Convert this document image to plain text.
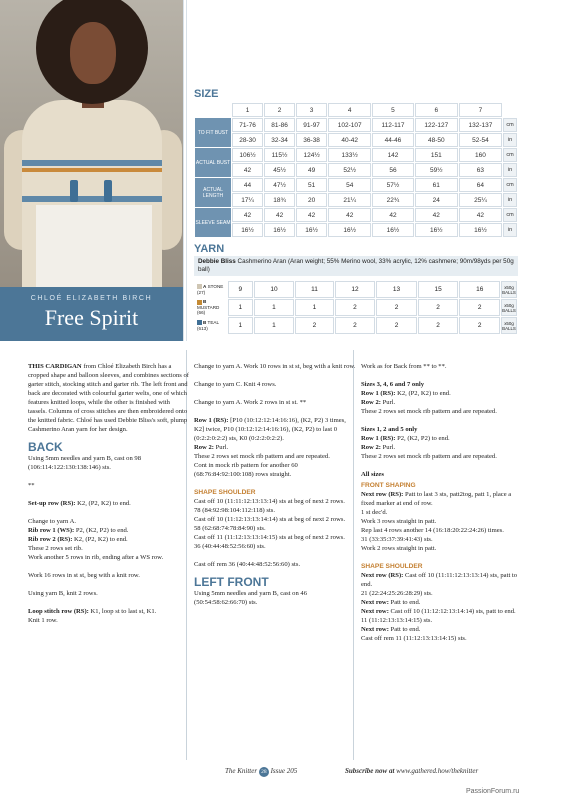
CHLOÉ ELIZABETH BIRCH
Free Spirit
SIZE
	1	2	3	4	5	6	7	
TO FIT BUST	71-76	81-86	91-97	102-107	112-117	122-127	132-137	cm
	28-30	32-34	36-38	40-42	44-46	48-50	52-54	in
ACTUAL BUST	106½	115½	124½	133½	142	151	160	cm
	42	45½	49	52½	56	59½	63	in
ACTUAL LENGTH	44	47½	51	54	57½	61	64	cm
	17¼	18¾	20	21¼	22¾	24	25¼	in
SLEEVE SEAM	42	42	42	42	42	42	42	cm
	16½	16½	16½	16½	16½	16½	16½	in
YARN
Debbie Bliss Cashmerino Aran (Aran weight; 55% Merino wool, 33% acrylic, 12% cashmere; 90m/98yds per 50g ball)
A STONE
(27)	9	10	11	12	13	15	16	x50g BALLS
B MUSTARD
(66)	1	1	1	2	2	2	2	x50g BALLS
B TEAL
(613)	1	1	2	2	2	2	2	x50g BALLS

THIS CARDIGAN from Chloé Elizabeth Birch has a cropped shape and balloon sleeves, and combines sections of garter stitch, stocking stitch and garter rib. The left front and back are decorated with colourful garter welts, one of which features knitted loops, while the other is finished with tassels. Columns of cross stitches are then embroidered onto the knitted fabric. Chloé has used Debbie Bliss's soft, plump Cashmerino Aran yarn for her design.

BACK

Using 5mm needles and yarn B, cast on 98 (106:114:122:130:138:146) sts.

**

Set-up row (RS): K2, (P2, K2) to end.

Change to yarn A.
Rib row 1 (WS): P2, (K2, P2) to end.
Rib row 2 (RS): K2, (P2, K2) to end.
These 2 rows set rib.

Work another 5 rows in rib, ending after a WS row.

Work 16 rows in st st, beg with a knit row.

Using yarn B, knit 2 rows.

Loop stitch row (RS): K1, loop st to last st, K1.
Knit 1 row.

Change to yarn A. Work 10 rows in st st, beg with a knit row.

Change to yarn C. Knit 4 rows.

Change to yarn A. Work 2 rows in st st. **

Row 1 (RS): [P10 (10:12:12:14:16:16), (K2, P2) 3 times, K2] twice, P10 (10:12:12:14:16:16), (K2, P2) to last 0 (0:2:2:0:2:2) sts, K0 (0:2:2:0:2:2).
Row 2: Purl.
These 2 rows set mock rib pattern and are repeated.

Cont in mock rib pattern for another 60 (68:76:84:92:100:108) rows straight.

SHAPE SHOULDER
Cast off 10 (11:11:12:13:13:14) sts at beg of next 2 rows.
78 (84:92:98:104:112:118) sts.
Cast off 10 (11:12:13:13:14:14) sts at beg of next 2 rows.
58 (62:68:74:78:84:90) sts.
Cast off 11 (11:12:13:13:14:15) sts at beg of next 2 rows.

36 (40:44:48:52:56:60) sts.

Cast off rem 36 (40:44:48:52:56:60) sts.

LEFT FRONT
Using 5mm needles and yarn B, cast on 46 (50:54:58:62:66:70) sts.

Work as for Back from ** to **.

Sizes 3, 4, 6 and 7 only
Row 1 (RS): K2, (P2, K2) to end.
Row 2: Purl.

These 2 rows set mock rib pattern and are repeated.

Sizes 1, 2 and 5 only
Row 1 (RS): P2, (K2, P2) to end.
Row 2: Purl.

These 2 rows set mock rib pattern and are repeated.

All sizes
FRONT SHAPING
Next row (RS): Patt to last 3 sts, patt2tog, patt 1, place a fixed marker at end of row.
1 st dec'd.
Work 3 rows straight in patt.
Rep last 4 rows another 14 (16:18:20:22:24:26) times.
31 (33:35:37:39:41:43) sts.

Work 2 rows straight in patt.

SHAPE SHOULDER
Next row (RS): Cast off 10 (11:11:12:13:13:14) sts, patt to end.
21 (22:24:25:26:28:29) sts.
Next row: Patt to end.
Next row: Cast off 10 (11:12:12:13:14:14) sts, patt to end.
11 (11:12:13:13:14:15) sts.
Next row: Patt to end.
Cast off rem 11 (11:12:13:13:14:15) sts.
The Knitter 28 Issue 205	Subscribe now at www.gathered.how/theknitter
PassionForum.ru
